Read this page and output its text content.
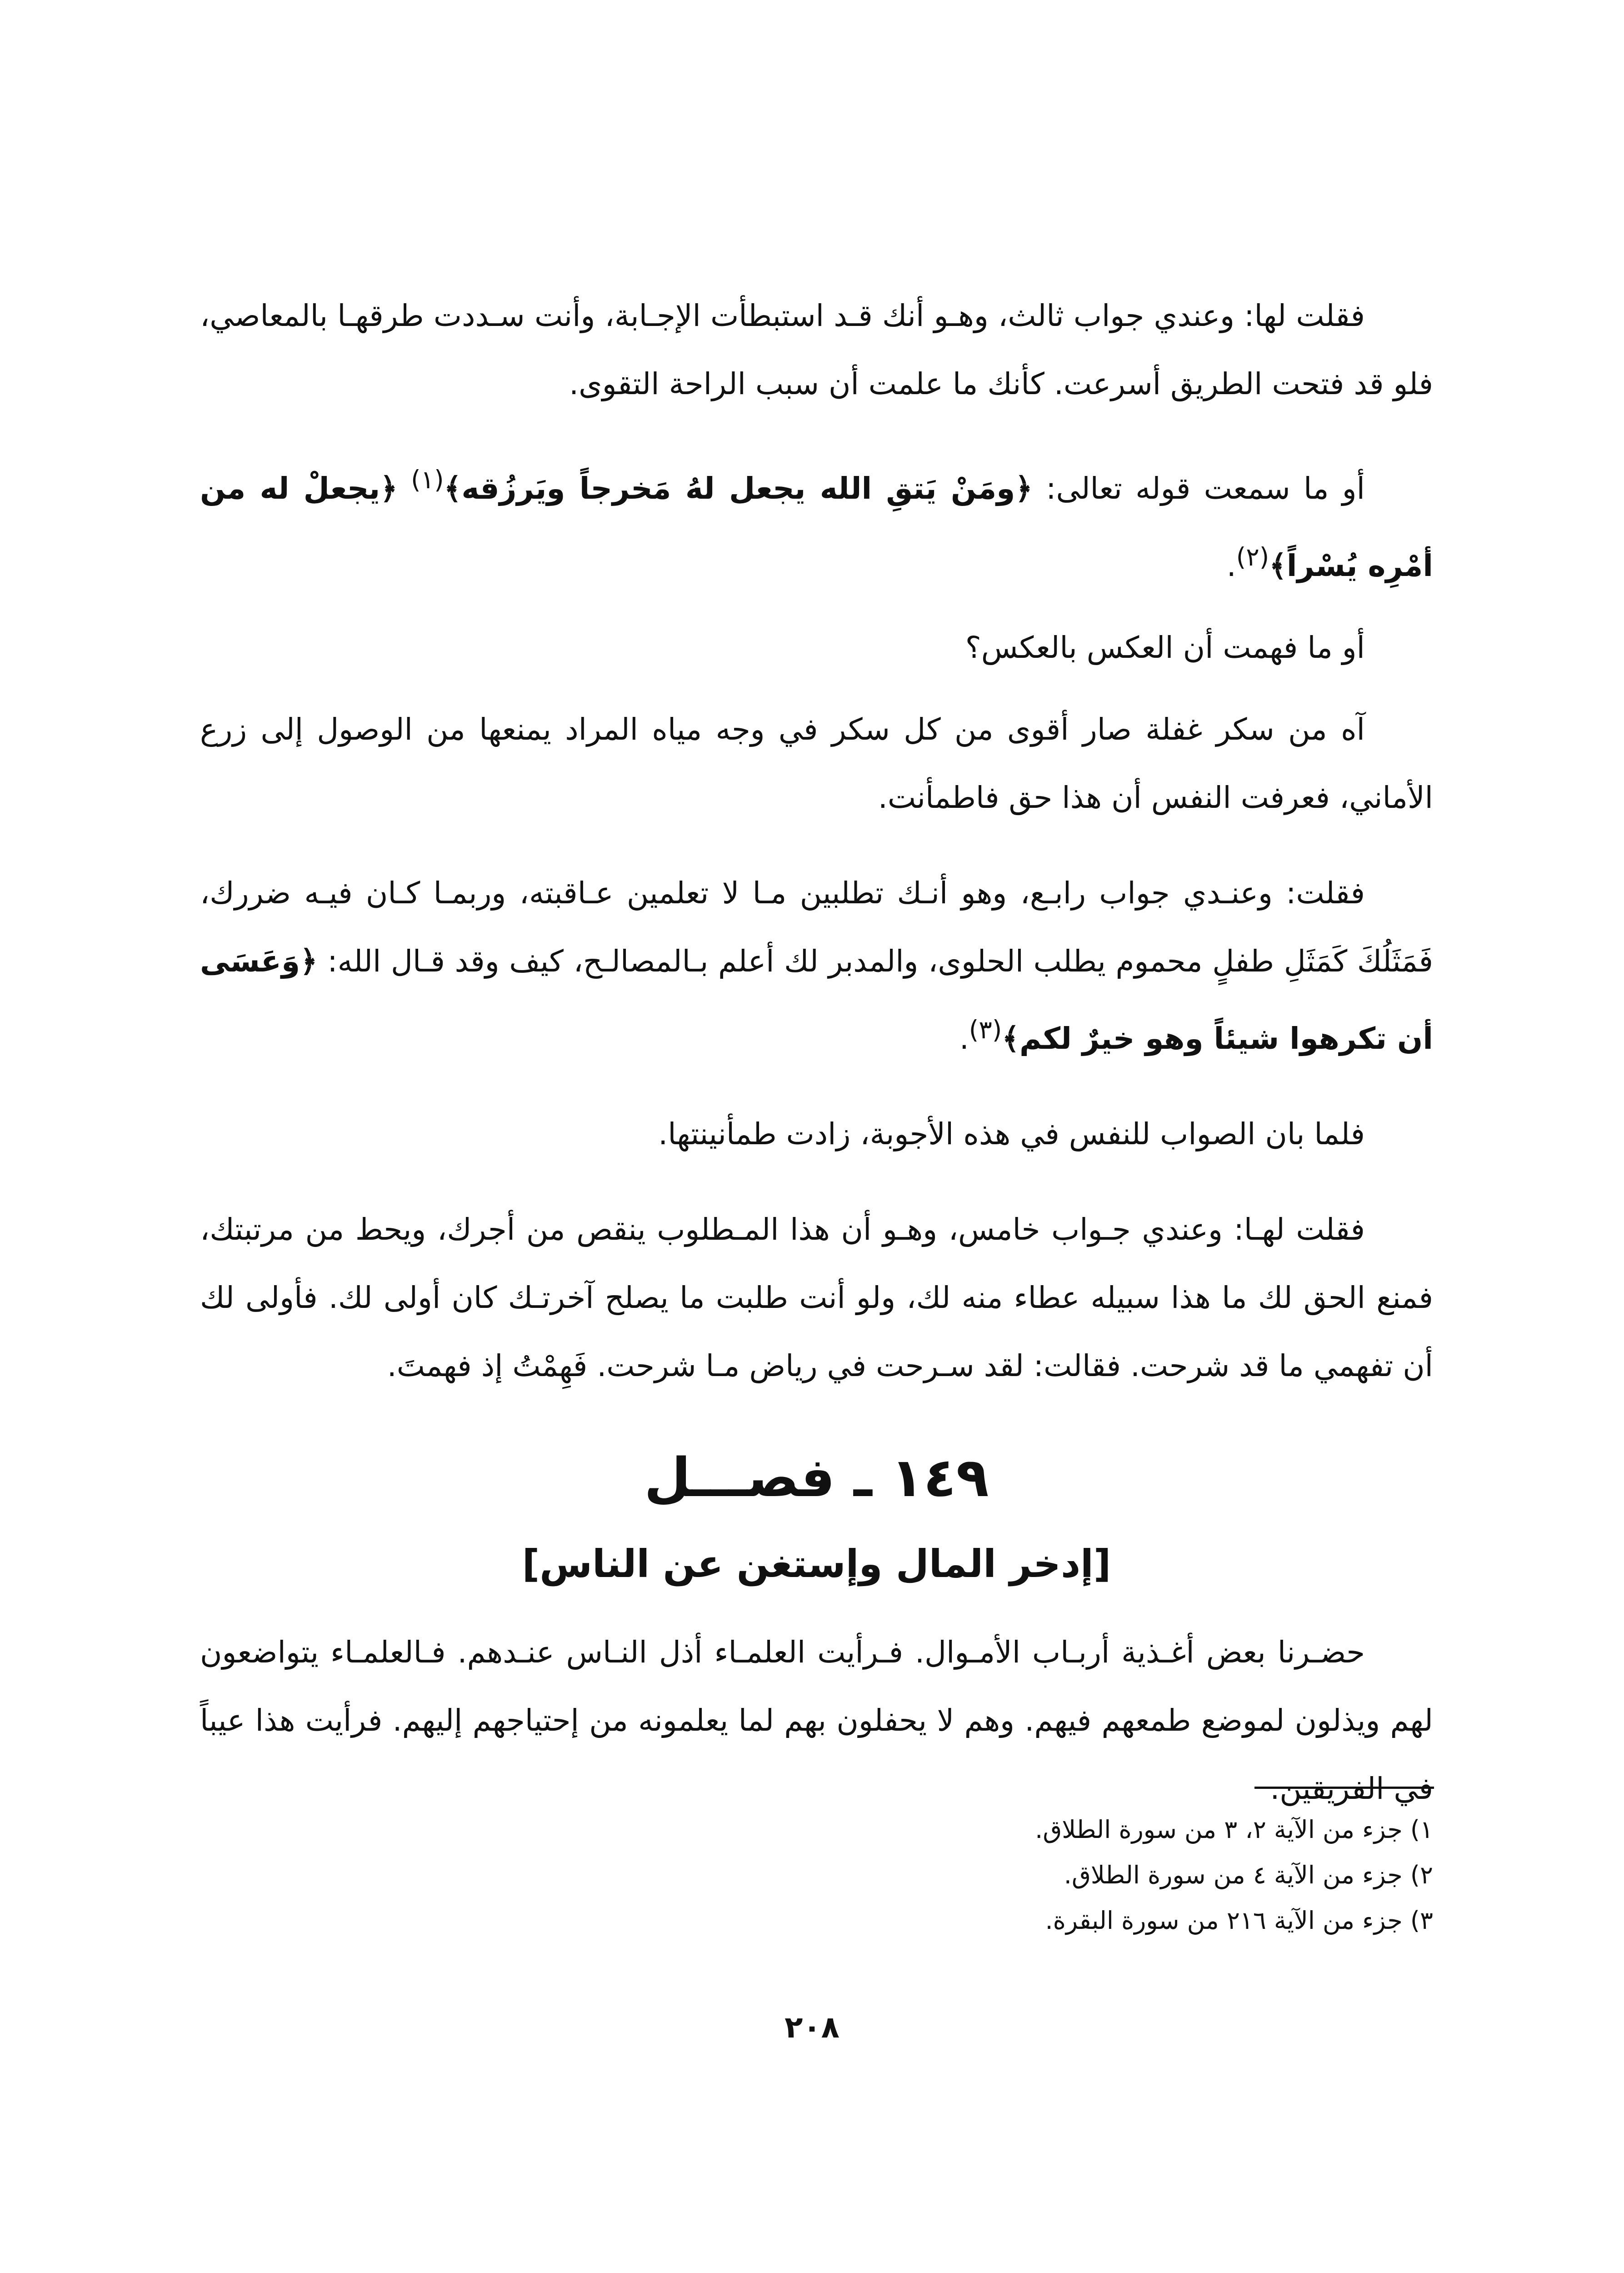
فقلت لها: وعندي جواب ثالث، وهـو أنك قـد استبطأت الإجـابة، وأنت سـددت طرقهـا بالمعاصي، فلو قد فتحت الطريق أسرعت. كأنك ما علمت أن سبب الراحة التقوى.

أو ما سمعت قوله تعالى: ﴿ومَنْ يَتقِ الله يجعل لهُ مَخرجاً ويَرزُقه﴾$^{(١)}$ ﴿يجعلْ له من أمْرِه يُسْراً﴾$^{(٢)}$.

أو ما فهمت أن العكس بالعكس؟

آه من سكر غفلة صار أقوى من كل سكر في وجه مياه المراد يمنعها من الوصول إلى زرع الأماني، فعرفت النفس أن هذا حق فاطمأنت.

فقلت: وعنـدي جواب رابـع، وهو أنـك تطلبين مـا لا تعلمين عـاقبته، وربمـا كـان فيـه ضررك، فَمَثَلُكَ كَمَثَلِ طفلٍ محموم يطلب الحلوى، والمدبر لك أعلم بـالمصالـح، كيف وقد قـال الله: ﴿وَعَسَى أن تكرهوا شيئاً وهو خيرٌ لكم﴾$^{(٣)}$.

فلما بان الصواب للنفس في هذه الأجوبة، زادت طمأنينتها.

فقلت لهـا: وعندي جـواب خامس، وهـو أن هذا المـطلوب ينقص من أجرك، ويحط من مرتبتك، فمنع الحق لك ما هذا سبيله عطاء منه لك، ولو أنت طلبت ما يصلح آخرتـك كان أولى لك. فأولى لك أن تفهمي ما قد شرحت. فقالت: لقد سـرحت في رياض مـا شرحت. فَهِمْتُ إذ فهمتَ.

١٤٩ ـ فصـــل
[إدخر المال وإستغن عن الناس]

حضـرنا بعض أغـذية أربـاب الأمـوال. فـرأيت العلمـاء أذل النـاس عنـدهم. فـالعلمـاء يتواضعون لهم ويذلون لموضع طمعهم فيهم. وهم لا يحفلون بهم لما يعلمونه من إحتياجهم إليهم. فرأيت هذا عيباً في الفريقين.

١) جزء من الآية ٢، ٣ من سورة الطلاق.

٢) جزء من الآية ٤ من سورة الطلاق.

٣) جزء من الآية ٢١٦ من سورة البقرة.

٢٠٨
